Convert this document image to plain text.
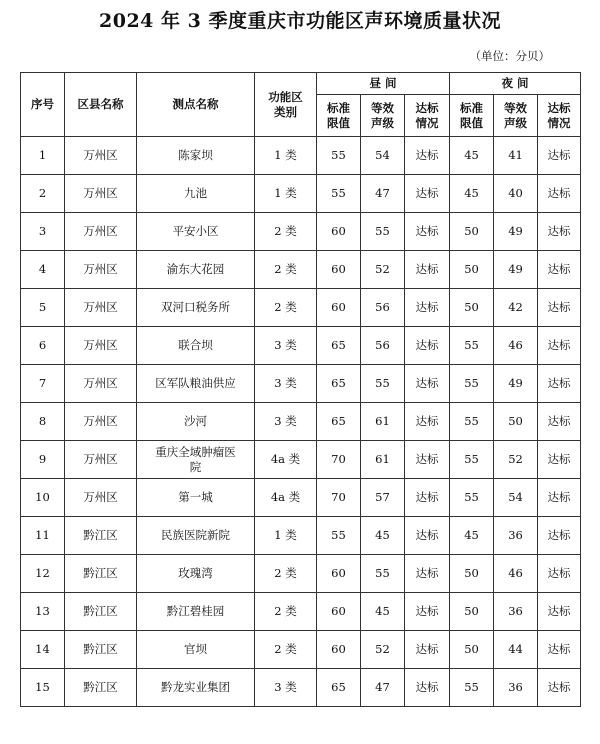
2024 年 3 季度重庆市功能区声环境质量状况
（单位：分贝）
序号	区县名称	测点名称	功能区类别	昼 间			夜 间		
				标准限值	等效声级	达标情况	标准限值	等效声级	达标情况
1	万州区	陈家坝	1 类	55	54	达标	45	41	达标
2	万州区	九池	1 类	55	47	达标	45	40	达标
3	万州区	平安小区	2 类	60	55	达标	50	49	达标
4	万州区	渝东大花园	2 类	60	52	达标	50	49	达标
5	万州区	双河口税务所	2 类	60	56	达标	50	42	达标
6	万州区	联合坝	3 类	65	56	达标	55	46	达标
7	万州区	区军队粮油供应	3 类	65	55	达标	55	49	达标
8	万州区	沙河	3 类	65	61	达标	55	50	达标
9	万州区	重庆全域肿瘤医院	4a 类	70	61	达标	55	52	达标
10	万州区	第一城	4a 类	70	57	达标	55	54	达标
11	黔江区	民族医院新院	1 类	55	45	达标	45	36	达标
12	黔江区	玫瑰湾	2 类	60	55	达标	50	46	达标
13	黔江区	黔江碧桂园	2 类	60	45	达标	50	36	达标
14	黔江区	官坝	2 类	60	52	达标	50	44	达标
15	黔江区	黔龙实业集团	3 类	65	47	达标	55	36	达标
